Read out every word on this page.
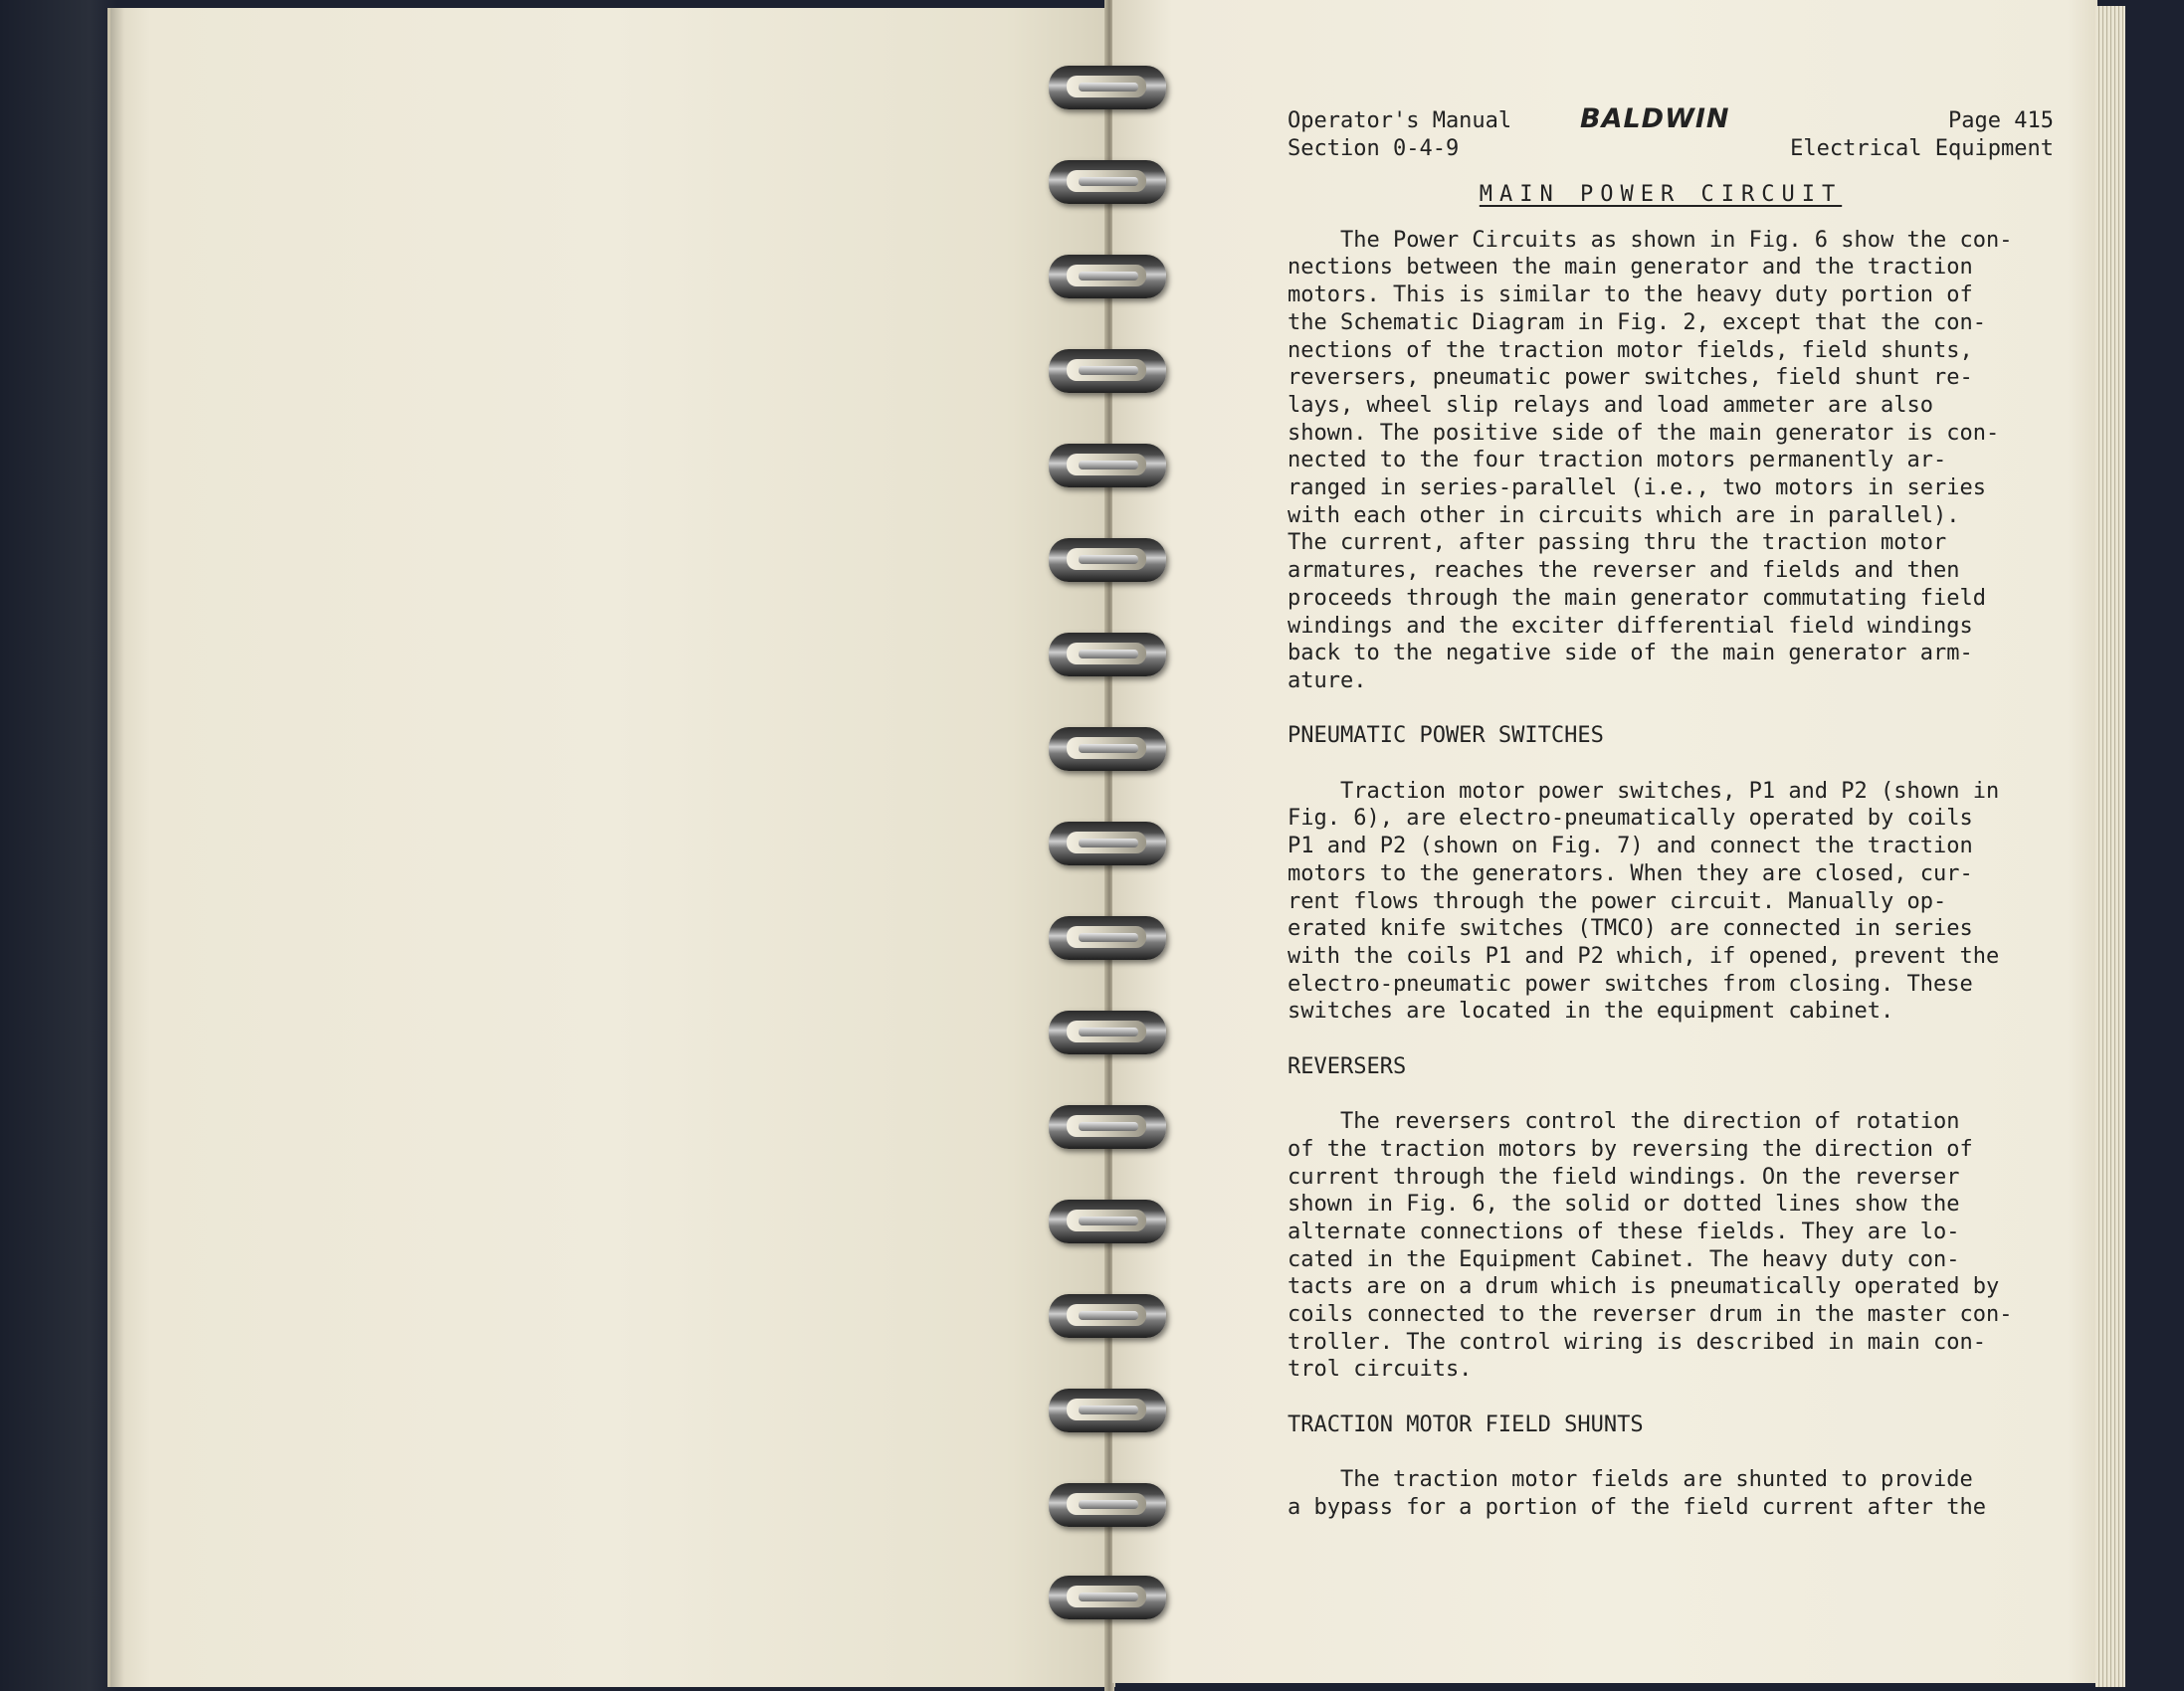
Operator's Manual
Section 0-4-9
BALDWIN	Page 415
Electrical Equipment
MAIN POWER CIRCUIT
The Power Circuits as shown in Fig. 6 show the con-
nections between the main generator and the traction
motors. This is similar to the heavy duty portion of
the Schematic Diagram in Fig. 2, except that the con-
nections of the traction motor fields, field shunts,
reversers, pneumatic power switches, field shunt re-
lays, wheel slip relays and load ammeter are also
shown. The positive side of the main generator is con-
nected to the four traction motors permanently ar-
ranged in series-parallel (i.e., two motors in series
with each other in circuits which are in parallel).
The current, after passing thru the traction motor
armatures, reaches the reverser and fields and then
proceeds through the main generator commutating field
windings and the exciter differential field windings
back to the negative side of the main generator arm-
ature.
PNEUMATIC POWER SWITCHES
Traction motor power switches, P1 and P2 (shown in
Fig. 6), are electro-pneumatically operated by coils
P1 and P2 (shown on Fig. 7) and connect the traction
motors to the generators. When they are closed, cur-
rent flows through the power circuit. Manually op-
erated knife switches (TMCO) are connected in series
with the coils P1 and P2 which, if opened, prevent the
electro-pneumatic power switches from closing. These
switches are located in the equipment cabinet.
REVERSERS
The reversers control the direction of rotation
of the traction motors by reversing the direction of
current through the field windings. On the reverser
shown in Fig. 6, the solid or dotted lines show the
alternate connections of these fields. They are lo-
cated in the Equipment Cabinet. The heavy duty con-
tacts are on a drum which is pneumatically operated by
coils connected to the reverser drum in the master con-
troller. The control wiring is described in main con-
trol circuits.
TRACTION MOTOR FIELD SHUNTS
The traction motor fields are shunted to provide
a bypass for a portion of the field current after the
